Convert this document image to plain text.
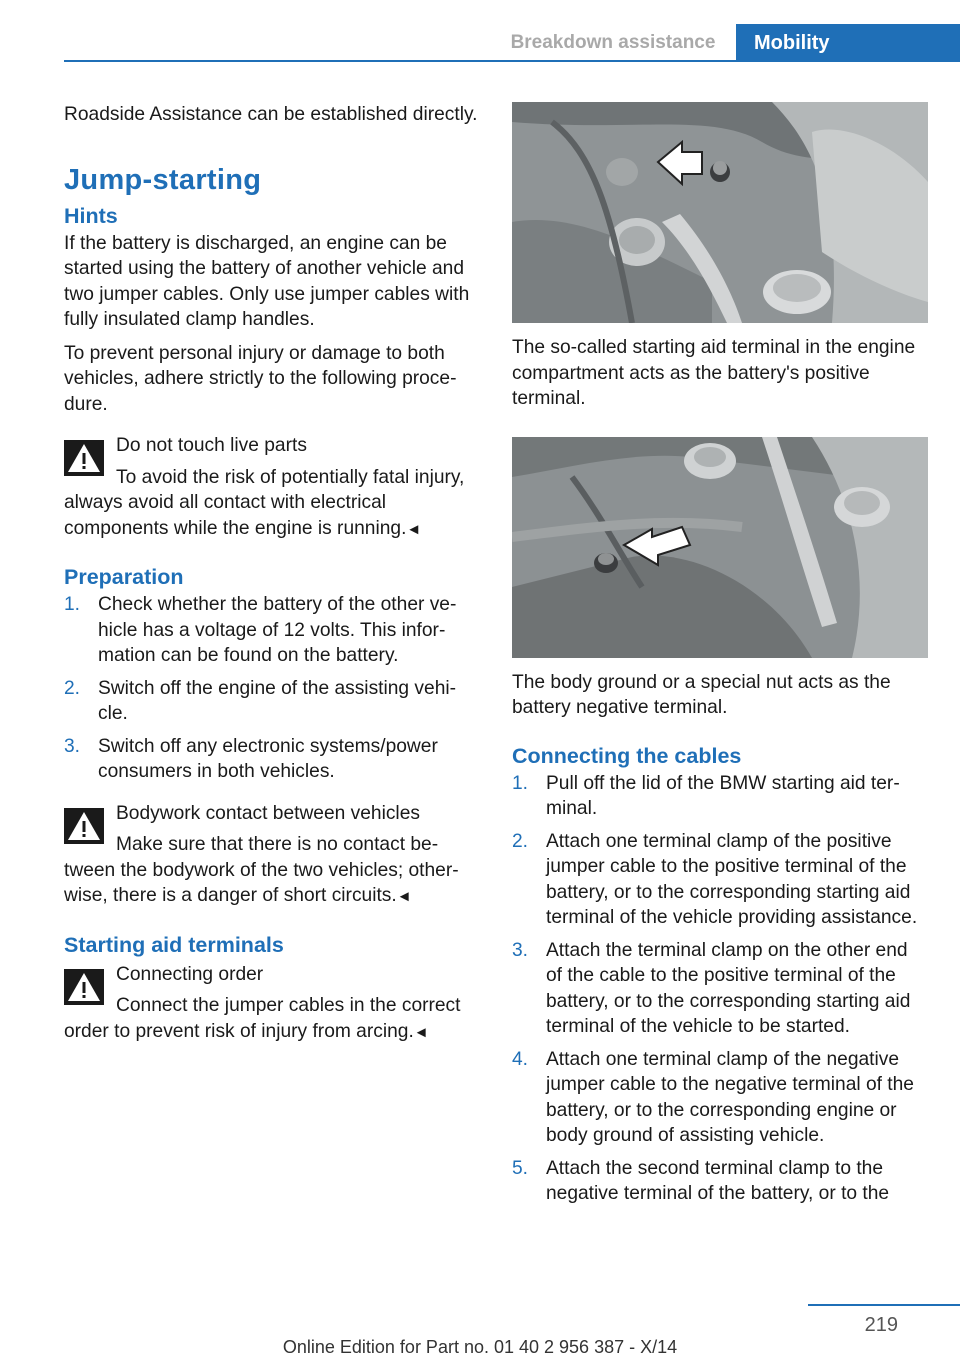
Breakdown assistance	Mobility

Roadside Assistance can be established directly.

Jump-starting
Hints

If the battery is discharged, an engine can be started using the battery of another vehicle and two jumper cables. Only use jumper cables with fully insulated clamp handles.

To prevent personal injury or damage to both vehicles, adhere strictly to the following procedure.

Do not touch live parts

To avoid the risk of potentially fatal injury, always avoid all contact with electrical components while the engine is running.◄

Preparation
1. Check whether the battery of the other vehicle has a voltage of 12 volts. This information can be found on the battery.
2. Switch off the engine of the assisting vehicle.
3. Switch off any electronic systems/power consumers in both vehicles.

Bodywork contact between vehicles

Make sure that there is no contact between the bodywork of the two vehicles; otherwise, there is a danger of short circuits.◄

Starting aid terminals

Connecting order

Connect the jumper cables in the correct order to prevent risk of injury from arcing.◄

The so-called starting aid terminal in the engine compartment acts as the battery's positive terminal.

The body ground or a special nut acts as the battery negative terminal.

Connecting the cables
1. Pull off the lid of the BMW starting aid terminal.
2. Attach one terminal clamp of the positive jumper cable to the positive terminal of the battery, or to the corresponding starting aid terminal of the vehicle providing assistance.
3. Attach the terminal clamp on the other end of the cable to the positive terminal of the battery, or to the corresponding starting aid terminal of the vehicle to be started.
4. Attach one terminal clamp of the negative jumper cable to the negative terminal of the battery, or to the corresponding engine or body ground of assisting vehicle.
5. Attach the second terminal clamp to the negative terminal of the battery, or to the
219
Online Edition for Part no. 01 40 2 956 387 - X/14
